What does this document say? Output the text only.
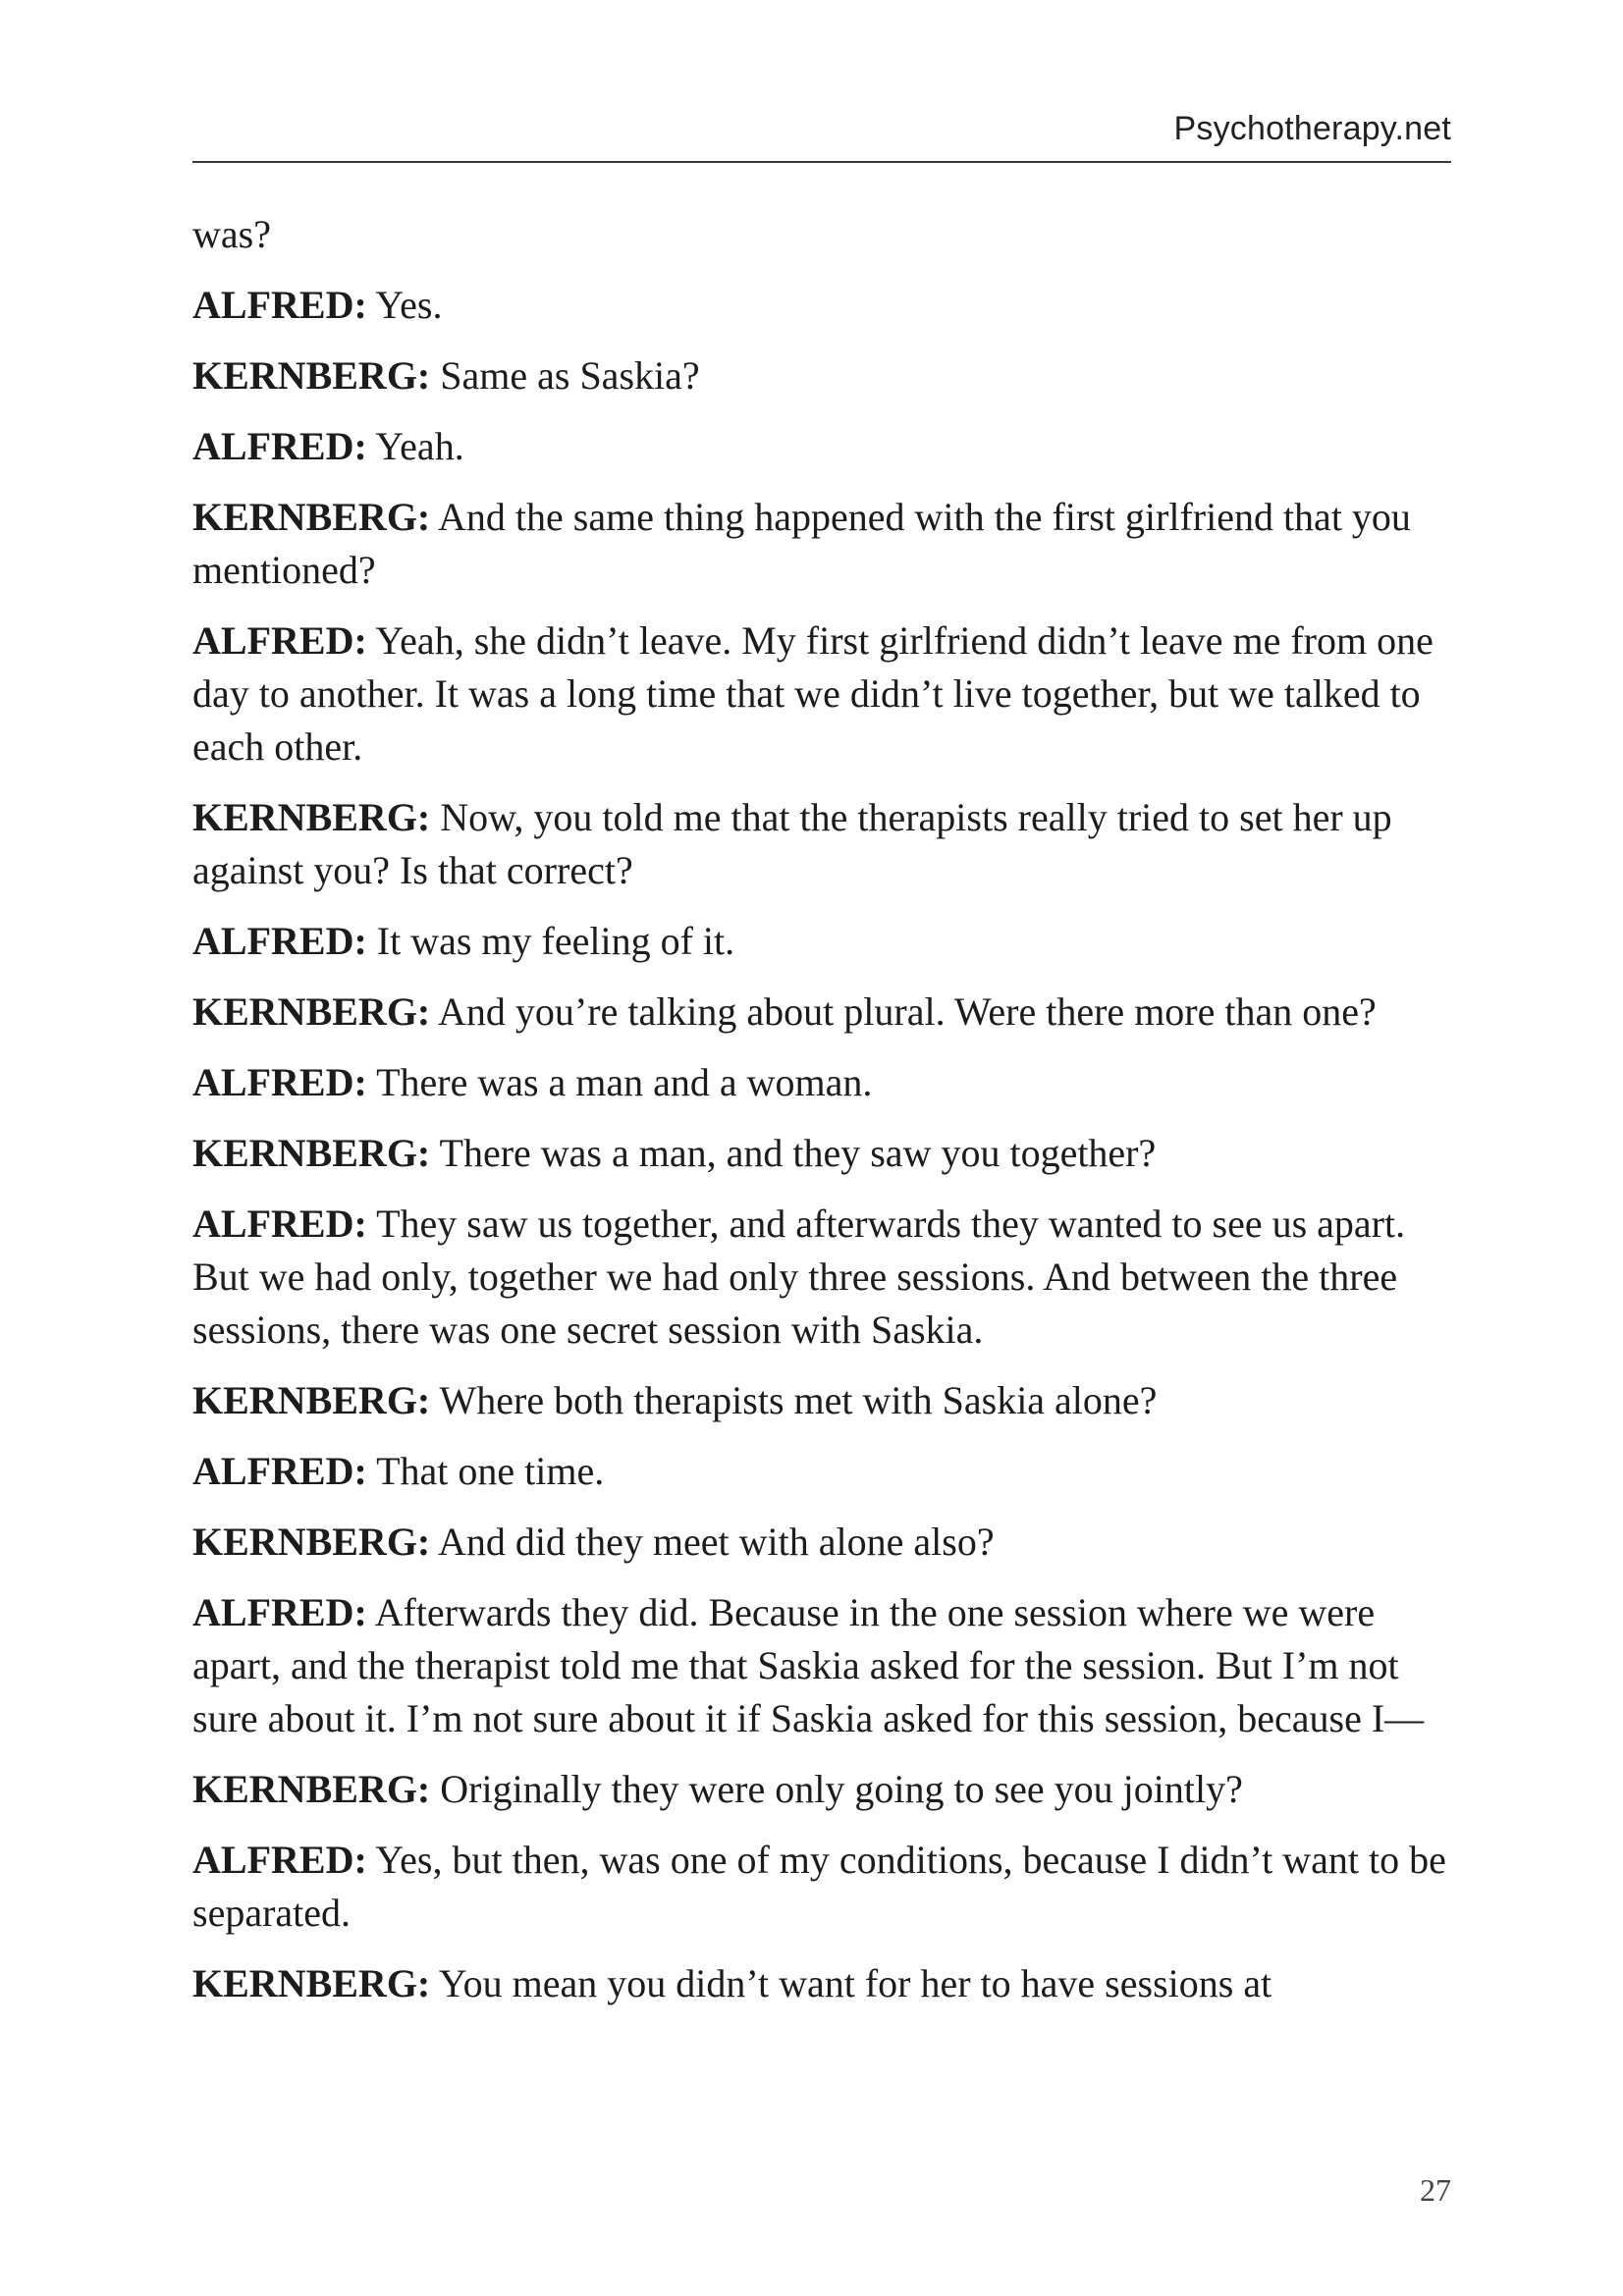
Psychotherapy.net

was?

ALFRED: Yes.

KERNBERG: Same as Saskia?

ALFRED: Yeah.

KERNBERG: And the same thing happened with the first girlfriend that you mentioned?

ALFRED: Yeah, she didn’t leave. My first girlfriend didn’t leave me from one day to another. It was a long time that we didn’t live together, but we talked to each other.

KERNBERG: Now, you told me that the therapists really tried to set her up against you? Is that correct?

ALFRED: It was my feeling of it.

KERNBERG: And you’re talking about plural. Were there more than one?

ALFRED: There was a man and a woman.

KERNBERG: There was a man, and they saw you together?

ALFRED: They saw us together, and afterwards they wanted to see us apart. But we had only, together we had only three sessions. And between the three sessions, there was one secret session with Saskia.

KERNBERG: Where both therapists met with Saskia alone?

ALFRED: That one time.

KERNBERG: And did they meet with alone also?

ALFRED: Afterwards they did. Because in the one session where we were apart, and the therapist told me that Saskia asked for the session. But I’m not sure about it. I’m not sure about it if Saskia asked for this session, because I—

KERNBERG: Originally they were only going to see you jointly?

ALFRED: Yes, but then, was one of my conditions, because I didn’t want to be separated.

KERNBERG: You mean you didn’t want for her to have sessions at

27
